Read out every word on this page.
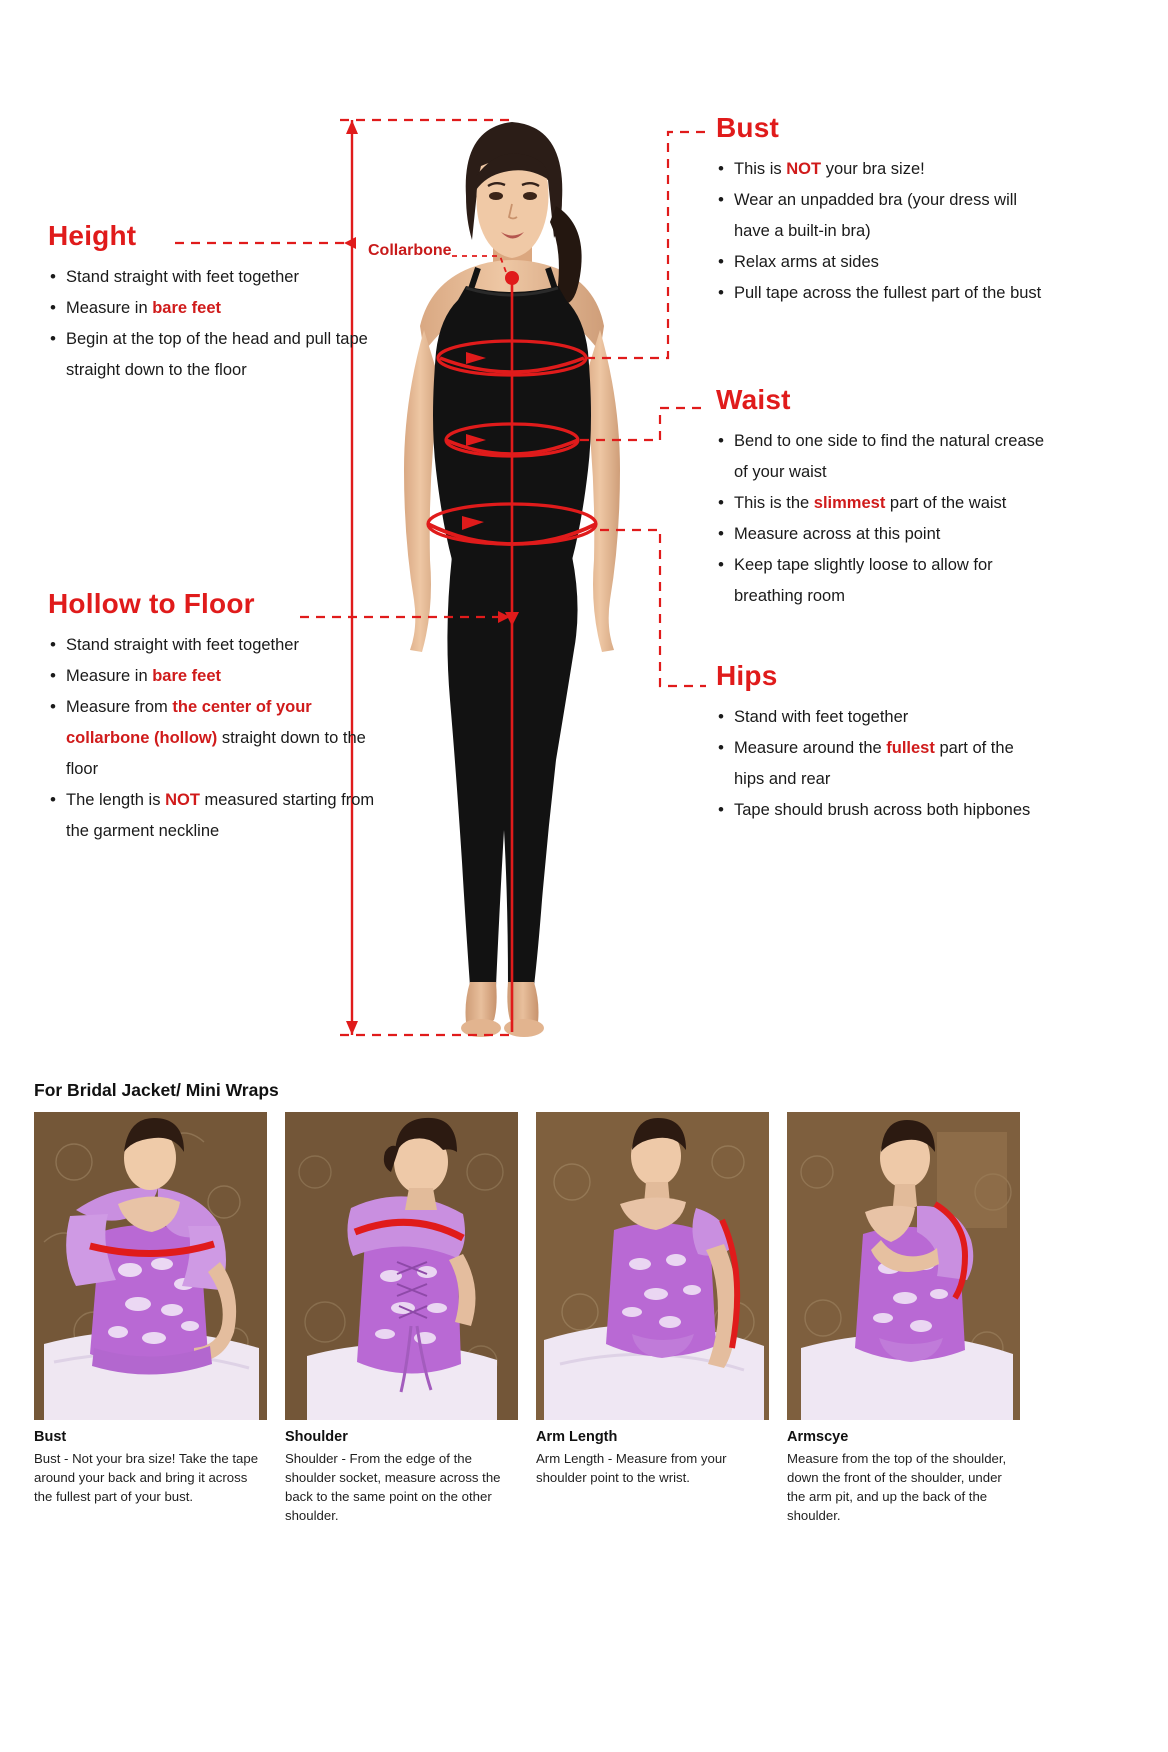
Collarbone
Height
• Stand straight with feet together
• Measure in bare feet
• Begin at the top of the head and pull tape straight down to the floor
Hollow to Floor
• Stand straight with feet together
• Measure in bare feet
• Measure from the center of your collarbone (hollow) straight down to the floor
• The length is NOT measured starting from the garment neckline
Bust
• This is NOT your bra size!
• Wear an unpadded bra (your dress will have a built-in bra)
• Relax arms at sides
• Pull tape across the fullest part of the bust
Waist
• Bend to one side to find the natural crease of your waist
• This is the slimmest part of the waist
• Measure across at this point
• Keep tape slightly loose to allow for breathing room
Hips
• Stand with feet together
• Measure around the fullest part of the hips and rear
• Tape should brush across both hipbones
For Bridal Jacket/ Mini Wraps
Bust
Bust - Not your bra size! Take the tape around your back and bring it across the fullest part of your bust.
Shoulder
Shoulder - From the edge of the shoulder socket, measure across the back to the same point on the other shoulder.
Arm Length
Arm Length - Measure from your shoulder point to the wrist.
Armscye
Measure from the top of the shoulder, down the front of the shoulder, under the arm pit, and up the back of the shoulder.
